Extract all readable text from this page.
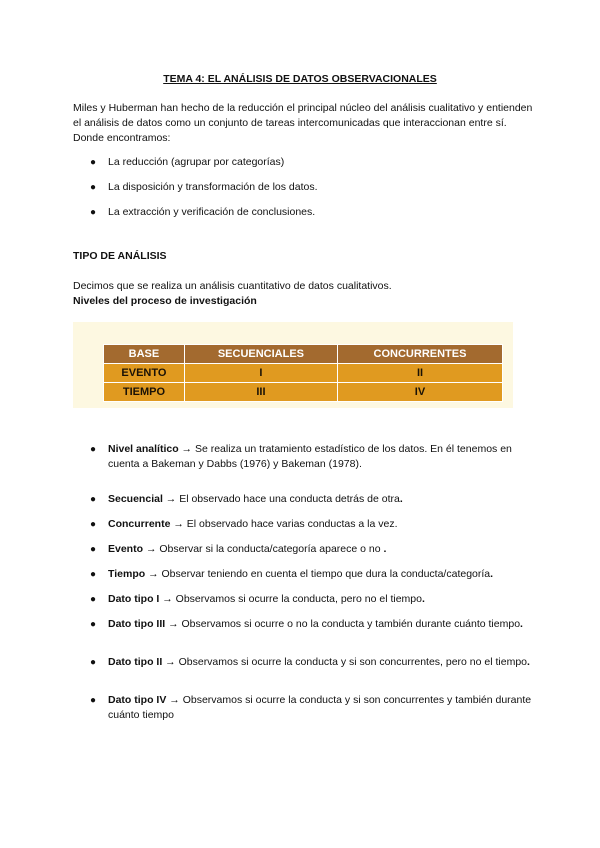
TEMA 4: EL ANÁLISIS DE DATOS OBSERVACIONALES
Miles y Huberman han hecho de la reducción el principal núcleo del análisis cualitativo y entienden el análisis de datos como un conjunto de tareas intercomunicadas que interaccionan entre sí. Donde encontramos:
● La reducción (agrupar por categorías)
● La disposición y transformación de los datos.
● La extracción y verificación de conclusiones.
TIPO DE ANÁLISIS
Decimos que se realiza un análisis cuantitativo de datos cualitativos.
Niveles del proceso de investigación
BASE	SECUENCIALES	CONCURRENTES
EVENTO	I	II
TIEMPO	III	IV
● Nivel analítico → Se realiza un tratamiento estadístico de los datos. En él tenemos en cuenta a Bakeman y Dabbs (1976) y Bakeman (1978).
● Secuencial → El observado hace una conducta detrás de otra.
● Concurrente → El observado hace varias conductas a la vez.
● Evento → Observar si la conducta/categoría aparece o no .
● Tiempo → Observar teniendo en cuenta el tiempo que dura la conducta/categoría.
● Dato tipo I → Observamos si ocurre la conducta, pero no el tiempo.
● Dato tipo III → Observamos si ocurre o no la conducta y también durante cuánto tiempo.
● Dato tipo II → Observamos si ocurre la conducta y si son concurrentes, pero no el tiempo.
● Dato tipo IV → Observamos si ocurre la conducta y si son concurrentes y también durante cuánto tiempo
